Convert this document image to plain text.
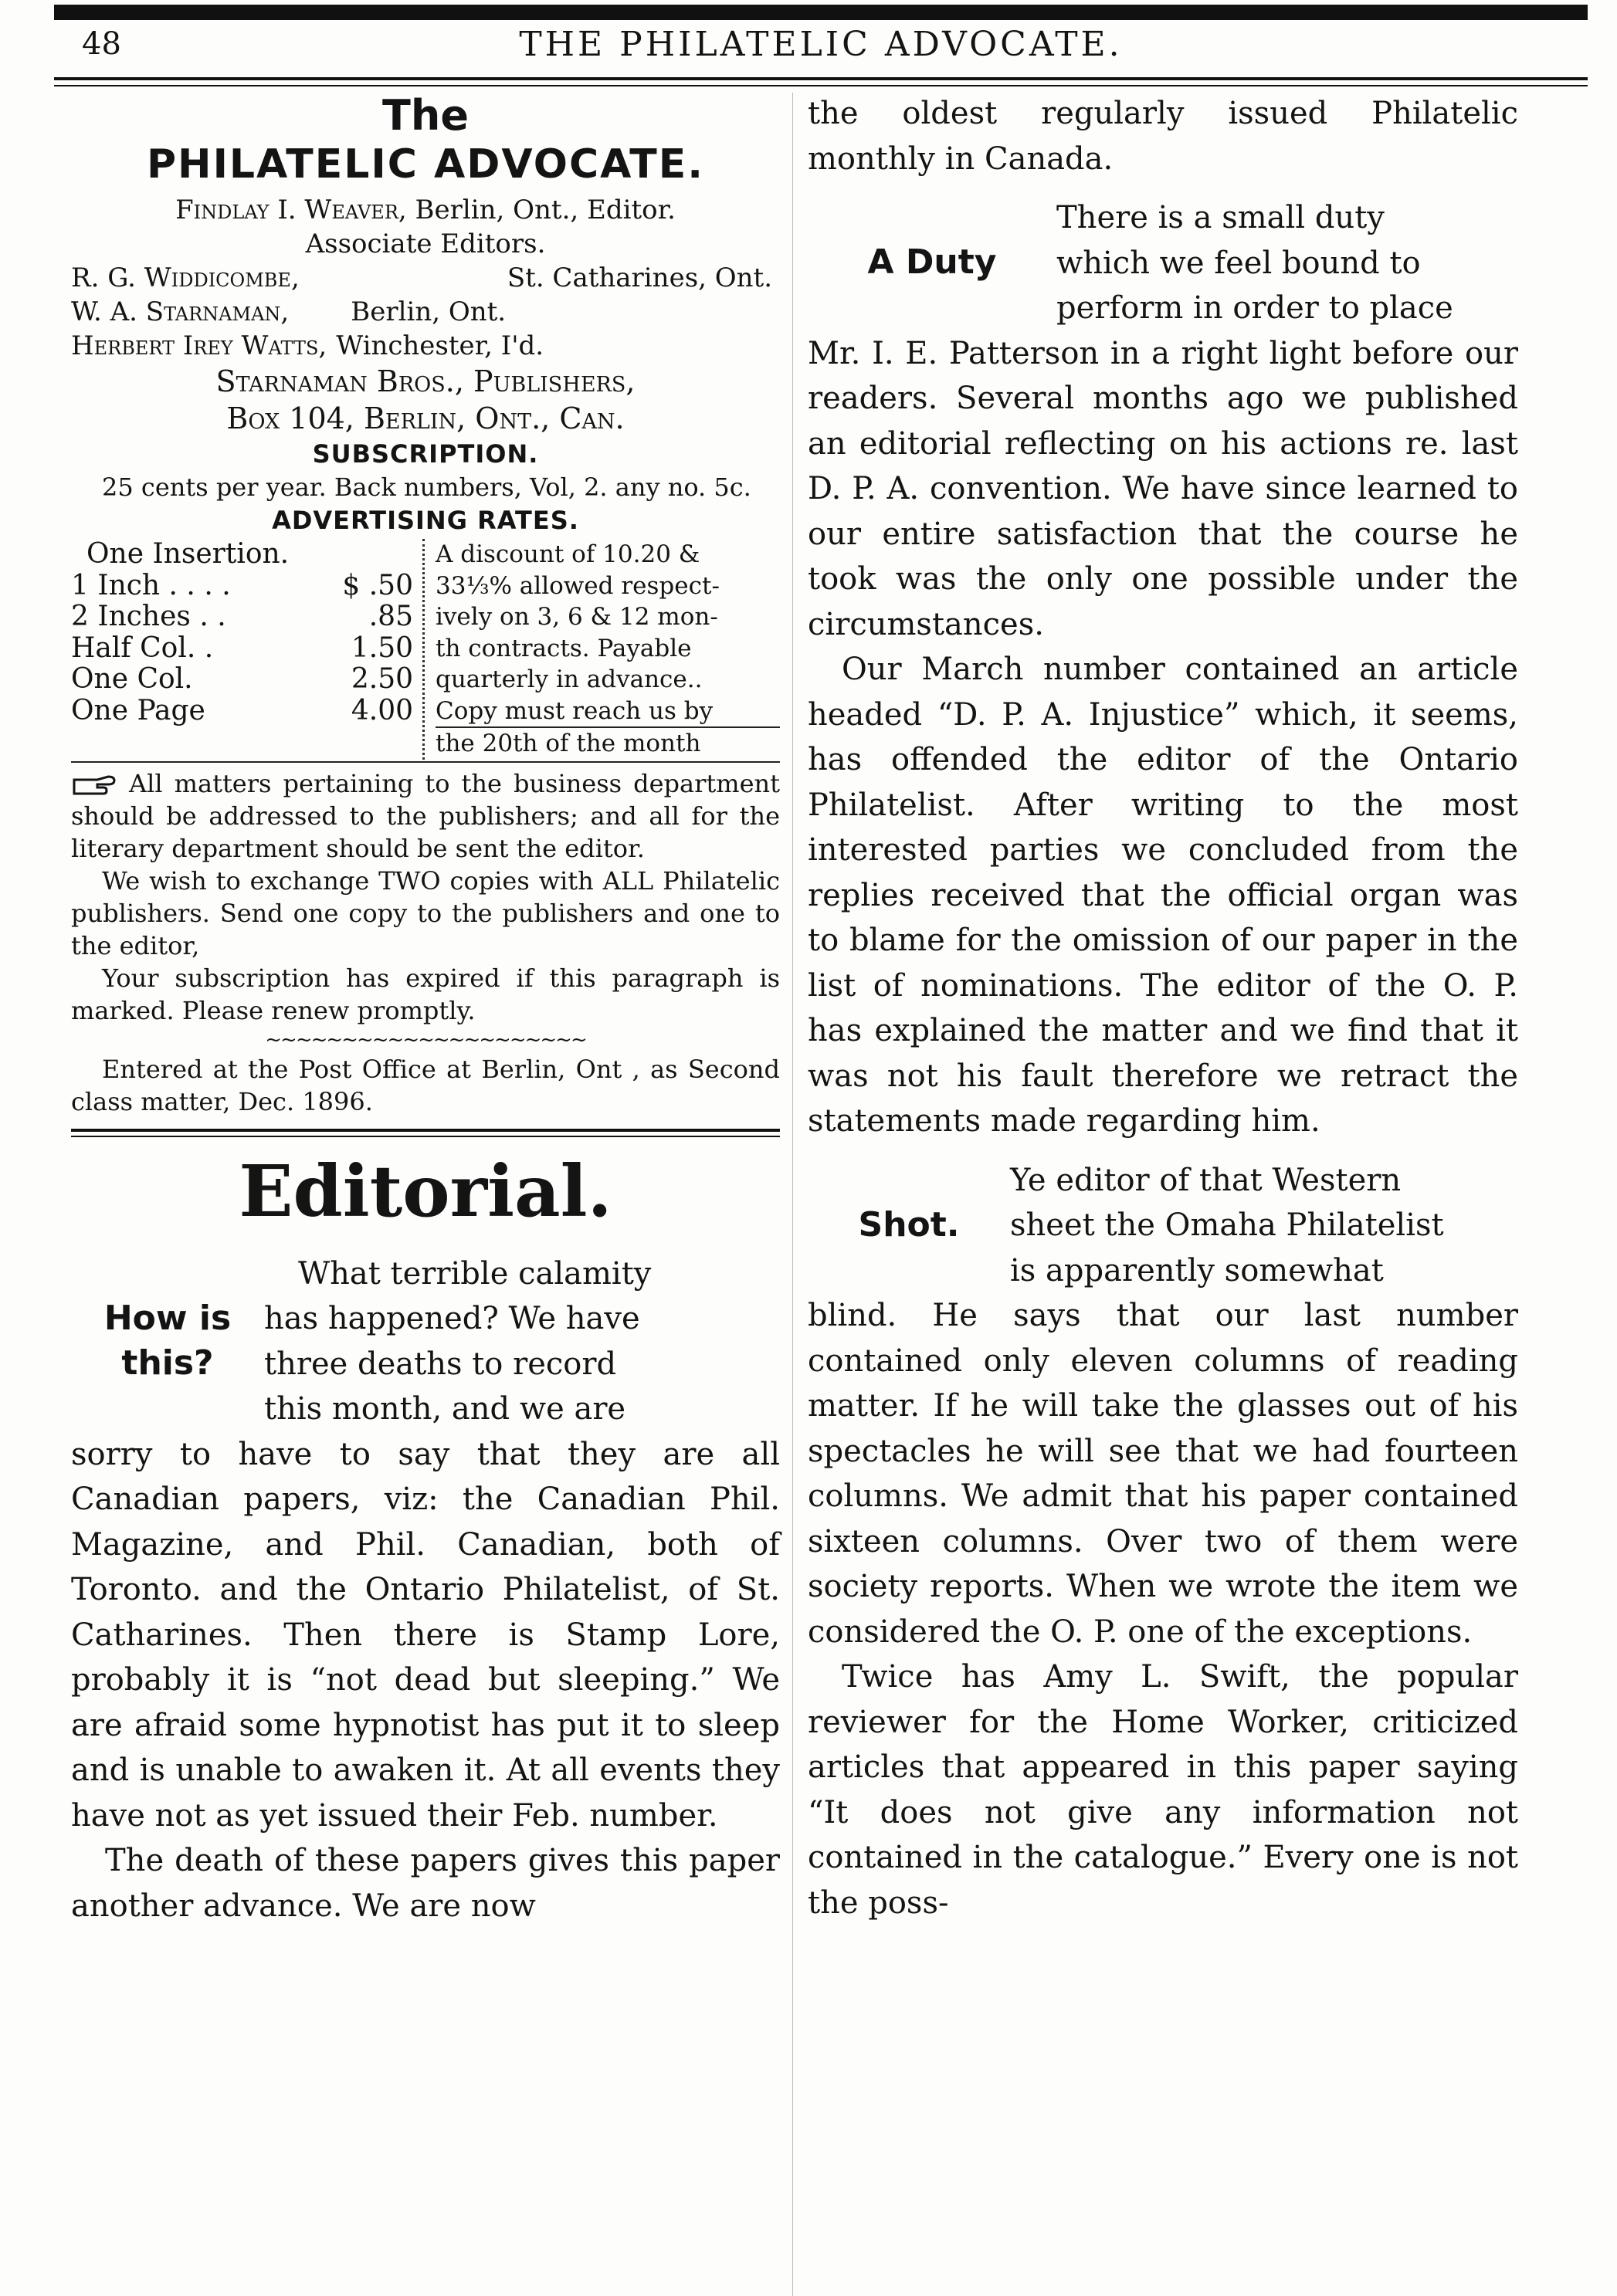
48	THE PHILATELIC ADVOCATE.
The
PHILATELIC ADVOCATE.
Findlay I. Weaver, Berlin, Ont., Editor.
Associate Editors.
R. G. Widdicombe,	St. Catharines, Ont.
W. A. Starnaman, Berlin, Ont.
Herbert Irey Watts, Winchester, I'd.
Starnaman Bros., Publishers,
Box 104, Berlin, Ont., Can.
SUBSCRIPTION.
25 cents per year. Back numbers, Vol, 2. any no. 5c.
ADVERTISING RATES.
One Insertion.
1 Inch . . . .	$ .50
2 Inches . .	.85
Half Col. .	1.50
One Col.	2.50
One Page	4.00
A discount of 10.20 &
33⅓% allowed respect-
ively on 3, 6 & 12 mon-
th contracts. Payable
quarterly in advance..
Copy must reach us by
the 20th of the month
All matters pertaining to the business department should be addressed to the publishers; and all for the literary department should be sent the editor.
We wish to exchange TWO copies with ALL Philatelic publishers. Send one copy to the publishers and one to the editor,
Your subscription has expired if this paragraph is marked. Please renew promptly.
~~~~~~~~~~~~~~~~~~~~~
Entered at the Post Office at Berlin, Ont , as Second class matter, Dec. 1896.
Editorial.
How is
this?
What terrible calamity
has happened? We have
three deaths to record
this month, and we are
sorry to have to say that they are all Canadian papers, viz: the Canadian Phil. Magazine, and Phil. Canadian, both of Toronto. and the Ontario Philatelist, of St. Catharines. Then there is Stamp Lore, probably it is “not dead but sleeping.” We are afraid some hypnotist has put it to sleep and is unable to awaken it. At all events they have not as yet issued their Feb. number.
The death of these papers gives this paper another advance. We are now
the oldest regularly issued Philatelic monthly in Canada.
A Duty
There is a small duty
which we feel bound to
perform in order to place
Mr. I. E. Patterson in a right light before our readers. Several months ago we published an editorial reflecting on his actions re. last D. P. A. convention. We have since learned to our entire satisfaction that the course he took was the only one possible under the circumstances.
Our March number contained an article headed “D. P. A. Injustice” which, it seems, has offended the editor of the Ontario Philatelist. After writing to the most interested parties we concluded from the replies received that the official organ was to blame for the omission of our paper in the list of nominations. The editor of the O. P. has explained the matter and we find that it was not his fault therefore we retract the statements made regarding him.
Shot.
Ye editor of that Western
sheet the Omaha Philatelist
is apparently somewhat
blind. He says that our last number contained only eleven columns of reading matter. If he will take the glasses out of his spectacles he will see that we had fourteen columns. We admit that his paper contained sixteen columns. Over two of them were society reports. When we wrote the item we considered the O. P. one of the exceptions.
Twice has Amy L. Swift, the popular reviewer for the Home Worker, criticized articles that appeared in this paper saying “It does not give any information not contained in the catalogue.” Every one is not the poss-
